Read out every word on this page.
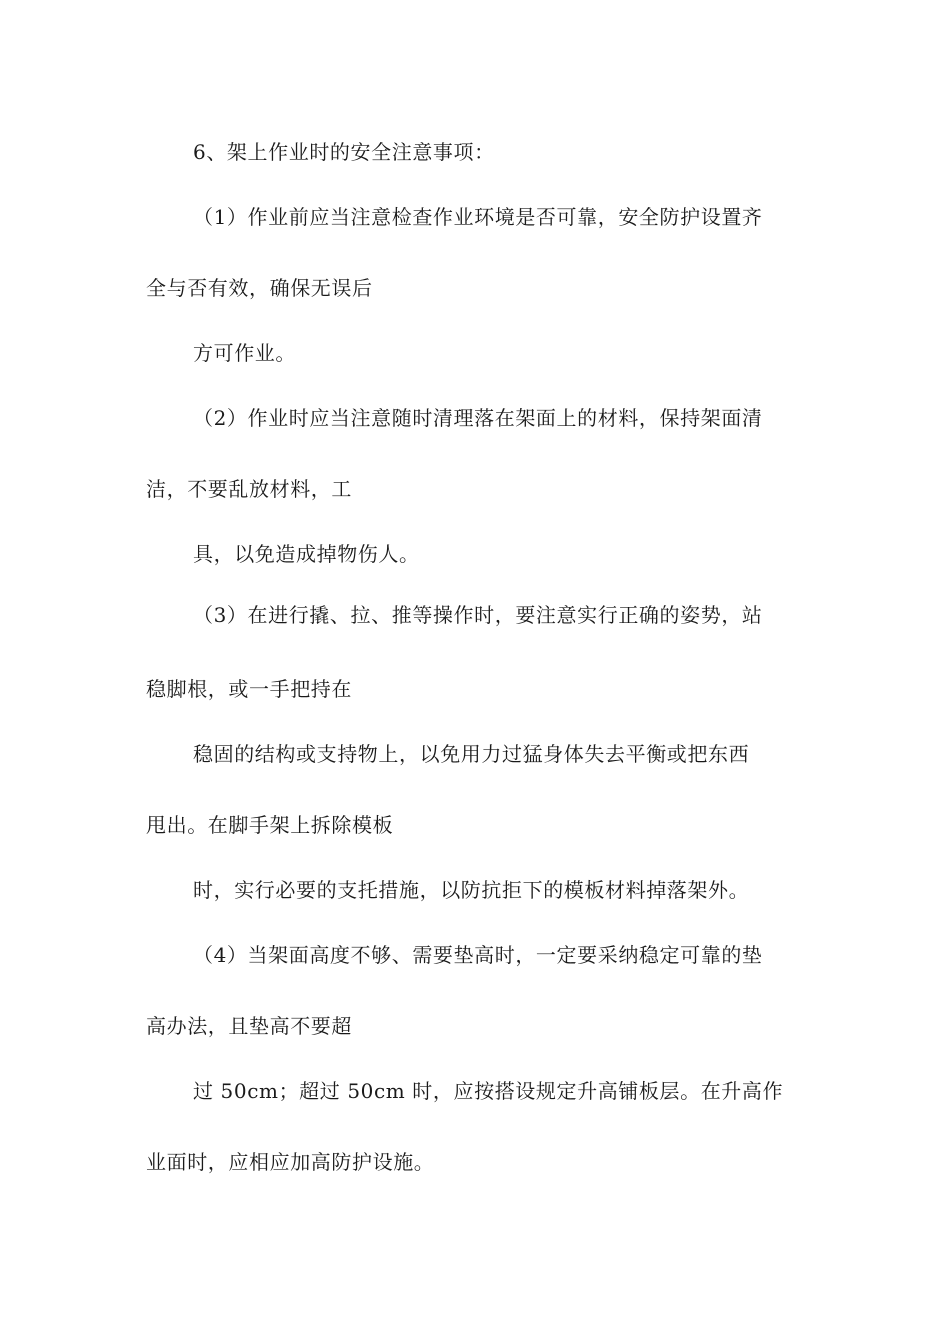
6、架上作业时的安全注意事项：
（1）作业前应当注意检查作业环境是否可靠，安全防护设置齐
全与否有效，确保无误后
方可作业。
（2）作业时应当注意随时清理落在架面上的材料，保持架面清
洁，不要乱放材料，工
具，以免造成掉物伤人。
（3）在进行撬、拉、推等操作时，要注意实行正确的姿势，站
稳脚根，或一手把持在
稳固的结构或支持物上，以免用力过猛身体失去平衡或把东西
甩出。在脚手架上拆除模板
时，实行必要的支托措施，以防抗拒下的模板材料掉落架外。
（4）当架面高度不够、需要垫高时，一定要采纳稳定可靠的垫
高办法，且垫高不要超
过 50cm；超过 50cm 时，应按搭设规定升高铺板层。在升高作
业面时，应相应加高防护设施。
